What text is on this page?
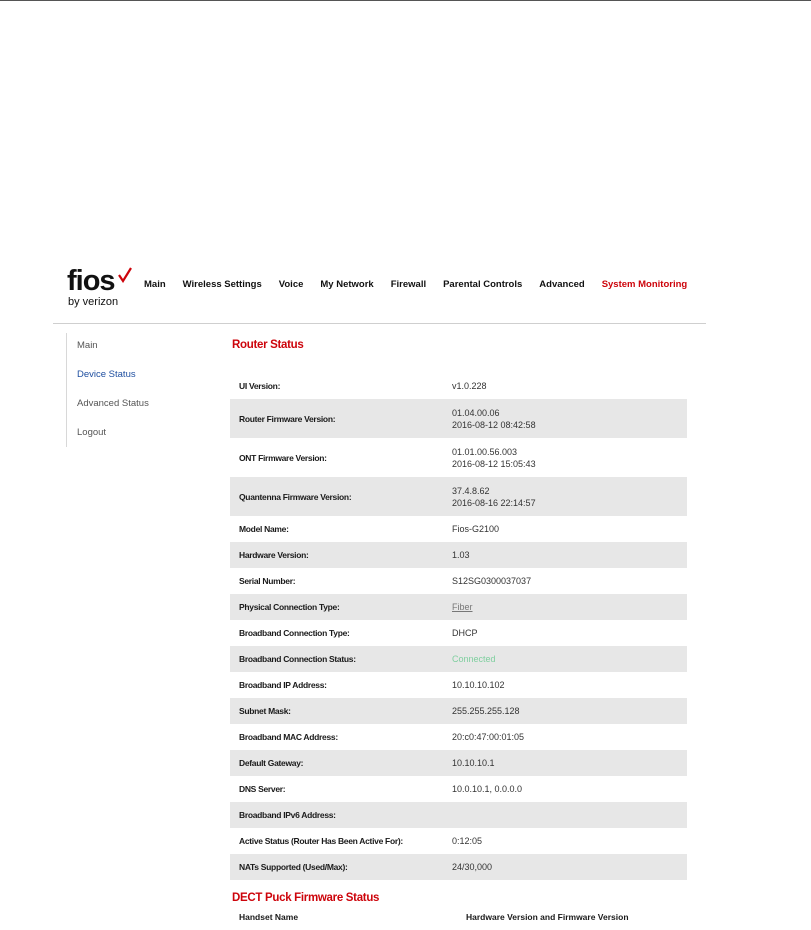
fios
by verizon
Main Wireless Settings Voice My Network Firewall Parental Controls Advanced System Monitoring
Main
Device Status
Advanced Status
Logout
Router Status
UI Version:	v1.0.228
Router Firmware Version:
01.04.00.06
2016-08-12 08:42:58
ONT Firmware Version:
01.01.00.56.003
2016-08-12 15:05:43
Quantenna Firmware Version:
37.4.8.62
2016-08-16 22:14:57
Model Name:	Fios-G2100
Hardware Version:	1.03
Serial Number:	S12SG0300037037
Physical Connection Type:	Fiber
Broadband Connection Type:	DHCP
Broadband Connection Status:	Connected
Broadband IP Address:	10.10.10.102
Subnet Mask:	255.255.255.128
Broadband MAC Address:	20:c0:47:00:01:05
Default Gateway:	10.10.10.1
DNS Server:	10.0.10.1, 0.0.0.0
Broadband IPv6 Address:
Active Status (Router Has Been Active For):	0:12:05
NATs Supported (Used/Max):	24/30,000
DECT Puck Firmware Status
Handset Name	Hardware Version and Firmware Version
